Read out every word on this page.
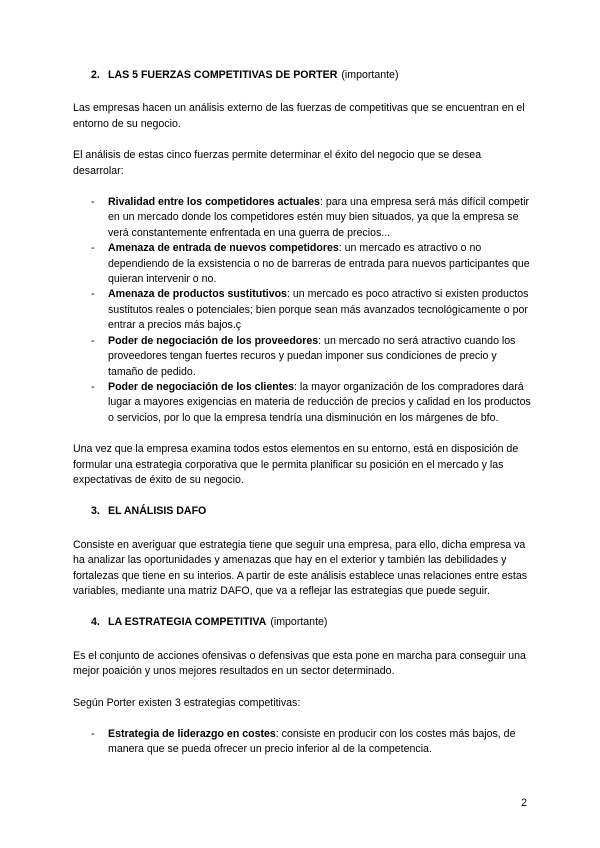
2. LAS 5 FUERZAS COMPETITIVAS DE PORTER (importante)

Las empresas hacen un análisis externo de las fuerzas de competitivas que se encuentran en el entorno de su negocio.

El análisis de estas cinco fuerzas permite determinar el éxito del negocio que se desea desarrolar:

-	Rivalidad entre los competidores actuales: para una empresa será más difícil competir en un mercado donde los competidores estén muy bien situados, ya que la empresa se verá constantemente enfrentada en una guerra de precios...
-	Amenaza de entrada de nuevos competidores: un mercado es atractivo o no dependiendo de la exsistencia o no de barreras de entrada para nuevos participantes que quieran intervenir o no.
-	Amenaza de productos sustitutivos: un mercado es poco atractivo si existen productos sustitutos reales o potenciales; bien porque sean más avanzados tecnológicamente o por entrar a precios más bajos.ç
-	Poder de negociación de los proveedores: un mercado no será atractivo cuando los proveedores tengan fuertes recuros y puedan imponer sus condiciones de precio y tamaño de pedido.
-	Poder de negociación de los clientes: la mayor organización de los compradores dará lugar a mayores exigencias en materia de reducción de precios y calidad en los productos o servicios, por lo que la empresa tendría una disminución en los márgenes de bfo.

Una vez que la empresa examina todos estos elementos en su entorno, está en disposición de formular una estrategia corporativa que le permita planificar su posición en el mercado y las expectativas de éxito de su negocio.

3. EL ANÁLISIS DAFO

Consiste en averiguar que estrategia tiene que seguir una empresa, para ello, dicha empresa va ha analizar las oportunidades y amenazas que hay en el exterior y también las debilidades y fortalezas que tiene en su interios. A partir de este análisis establece unas relaciones entre estas variables, mediante una matriz DAFO, que va a reflejar las estrategias que puede seguir.

4. LA ESTRATEGIA COMPETITIVA (importante)

Es el conjunto de acciones ofensivas o defensivas que esta pone en marcha para conseguir una mejor poaición y unos mejores resultados en un sector determinado.

Según Porter existen 3 estrategias competitivas:

-	Estrategia de liderazgo en costes: consiste en producir con los costes más bajos, de manera que se pueda ofrecer un precio inferior al de la competencia.
2
